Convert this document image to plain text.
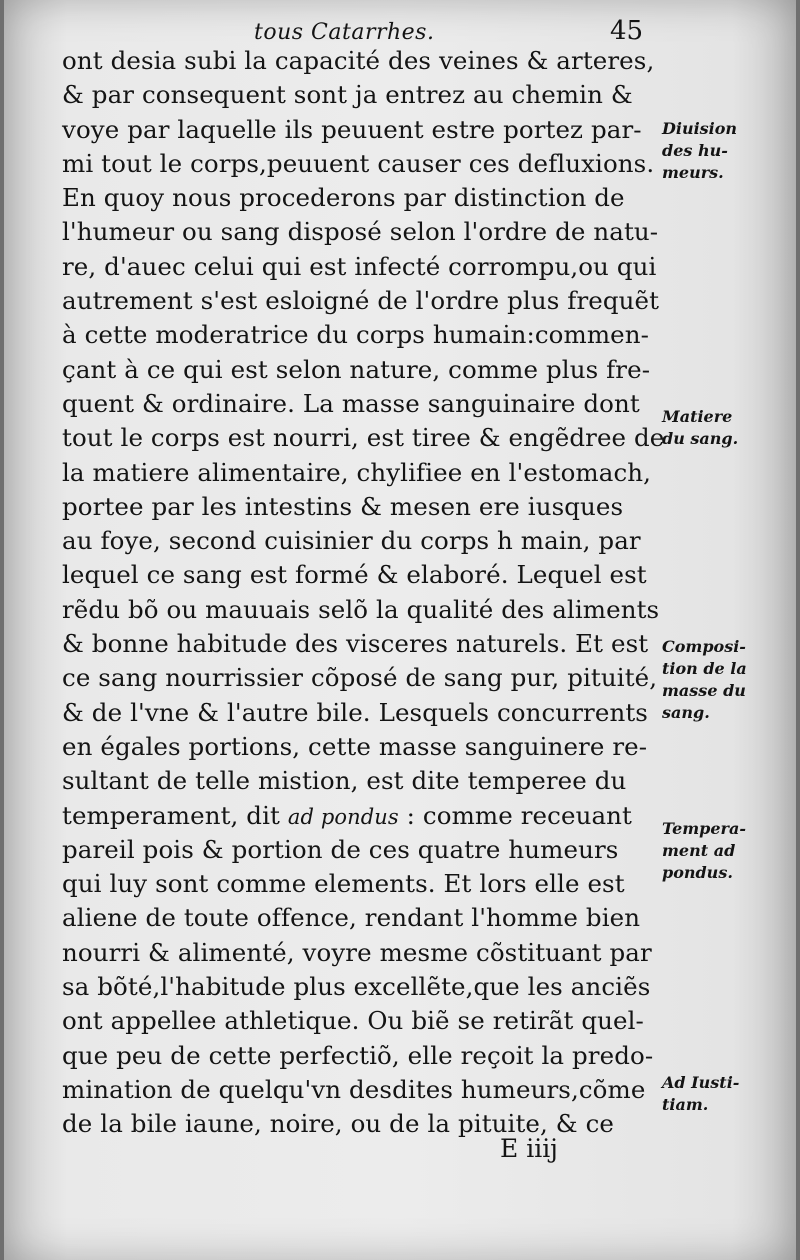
tous Catarrhes.	45
ont desia subi la capacité des veines & arteres,
& par consequent sont ja entrez au chemin &
voye par laquelle ils peuuent estre portez par-
mi tout le corps,peuuent causer ces defluxions.
En quoy nous procederons par distinction de
l'humeur ou sang disposé selon l'ordre de natu-
re, d'auec celui qui est infecté corrompu,ou qui
autrement s'est esloigné de l'ordre plus frequẽt
à cette moderatrice du corps humain:commen-
çant à ce qui est selon nature, comme plus fre-
quent & ordinaire. La masse sanguinaire dont
tout le corps est nourri, est tiree & engẽdree de
la matiere alimentaire, chylifiee en l'estomach,
portee par les intestins & mesen ere iusques
au foye, second cuisinier du corps h main, par
lequel ce sang est formé & elaboré. Lequel est
rẽdu bõ ou mauuais selõ la qualité des aliments
& bonne habitude des visceres naturels. Et est
ce sang nourrissier cõposé de sang pur, pituité,
& de l'vne & l'autre bile. Lesquels concurrents
en égales portions, cette masse sanguinere re-
sultant de telle mistion, est dite temperee du
temperament, dit ad pondus : comme receuant
pareil pois & portion de ces quatre humeurs
qui luy sont comme elements. Et lors elle est
aliene de toute offence, rendant l'homme bien
nourri & alimenté, voyre mesme cõstituant par
sa bõté,l'habitude plus excellẽte,que les anciẽs
ont appellee athletique. Ou biẽ se retirãt quel-
que peu de cette perfectiõ, elle reçoit la predo-
mination de quelqu'vn desdites humeurs,cõme
de la bile iaune, noire, ou de la pituite, & ce
Diuision
des hu-
meurs.
Matiere
du sang.
Composi-
tion de la
masse du
sang.
Tempera-
ment ad
pondus.
Ad Iusti-
tiam.
E iiij
